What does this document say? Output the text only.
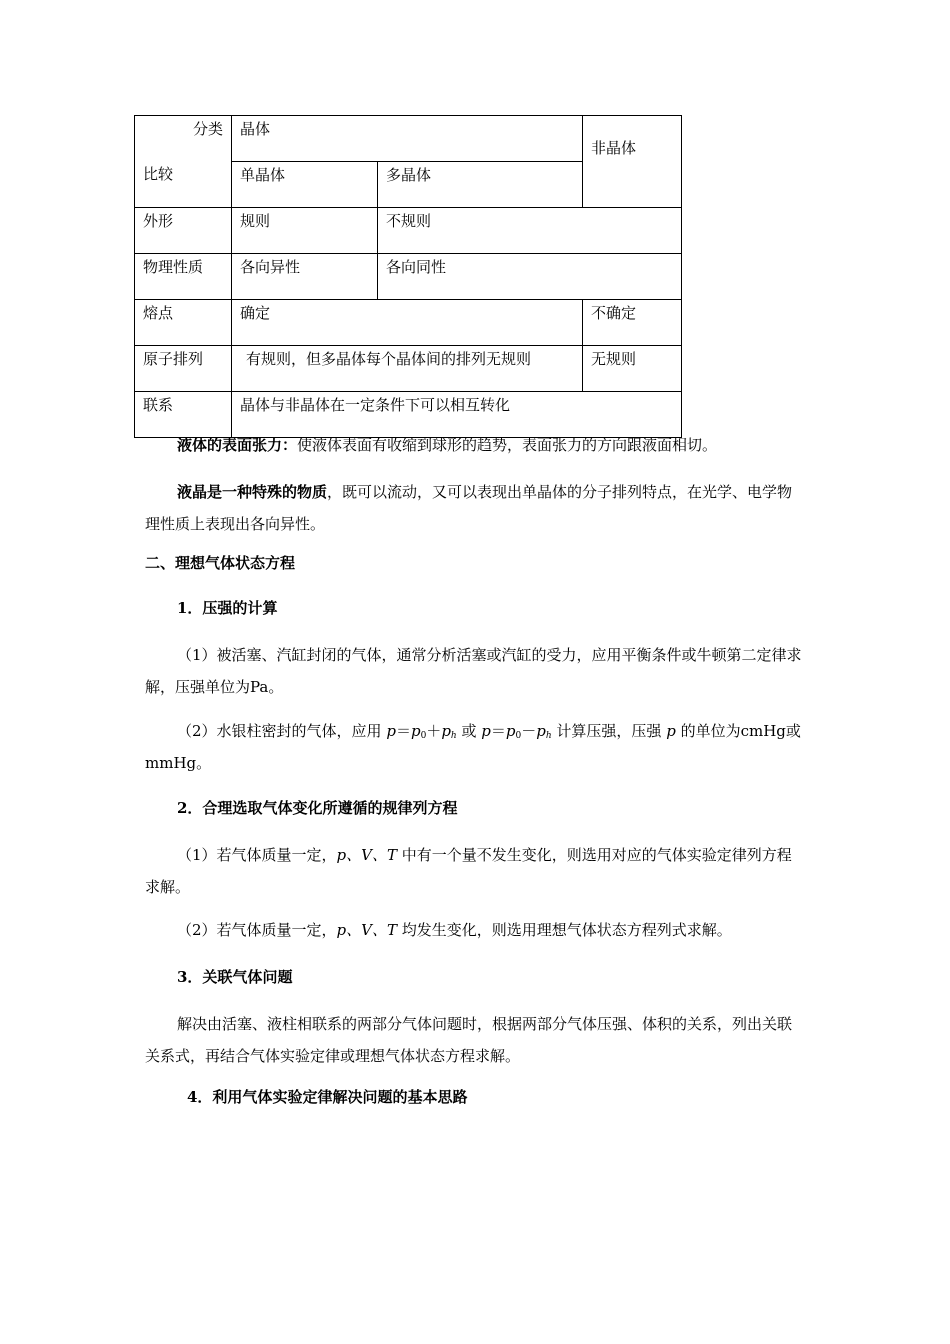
分类
比较	晶体		非晶体
	单晶体	多晶体	
外形	规则	不规则	
物理性质	各向异性	各向同性	
熔点	确定		不确定
原子排列	有规则，但多晶体每个晶体间的排列无规则		无规则
联系	晶体与非晶体在一定条件下可以相互转化		

液体的表面张力：使液体表面有收缩到球形的趋势，表面张力的方向跟液面相切。

液晶是一种特殊的物质，既可以流动，又可以表现出单晶体的分子排列特点，在光学、电学物理性质上表现出各向异性。

二、理想气体状态方程

1．压强的计算

（1）被活塞、汽缸封闭的气体，通常分析活塞或汽缸的受力，应用平衡条件或牛顿第二定律求解，压强单位为Pa。

（2）水银柱密封的气体，应用 $p=p_0+p_h$ 或 $p=p_0-p_h$ 计算压强，压强 p 的单位为cmHg或mmHg。

2．合理选取气体变化所遵循的规律列方程

（1）若气体质量一定，p、V、T 中有一个量不发生变化，则选用对应的气体实验定律列方程求解。

（2）若气体质量一定，p、V、T 均发生变化，则选用理想气体状态方程列式求解。

3．关联气体问题

解决由活塞、液柱相联系的两部分气体问题时，根据两部分气体压强、体积的关系，列出关联关系式，再结合气体实验定律或理想气体状态方程求解。

4．利用气体实验定律解决问题的基本思路
